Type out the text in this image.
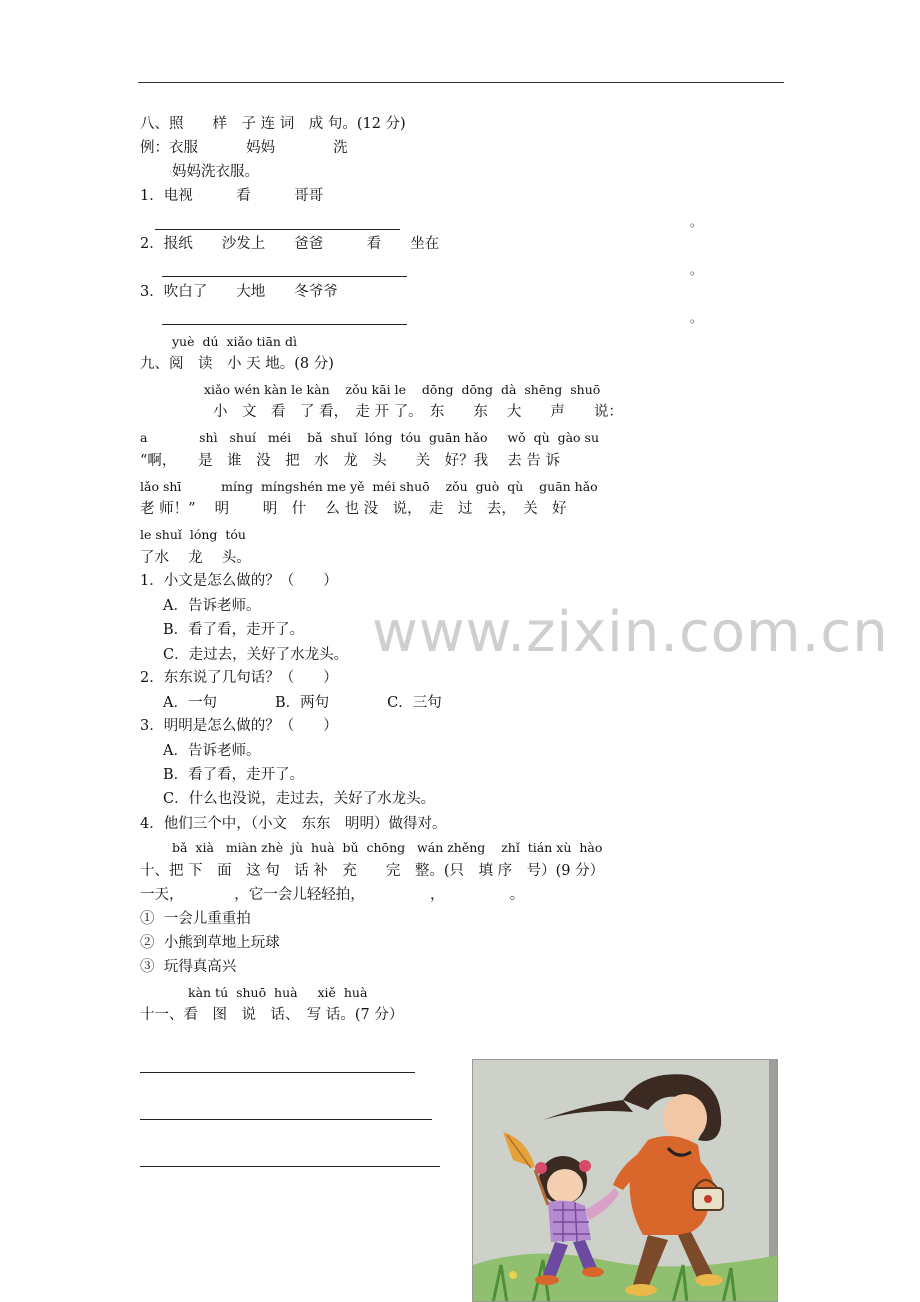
八、照　　样　子 连 词　成 句。(12 分)
例：衣服　　　 妈妈　　　　洗
妈妈洗衣服。
1．电视　　　看　　　哥哥
。
2．报纸　　沙发上　　爸爸　　　看　　坐在
。
3．吹白了　　大地　　冬爷爷
。
yuè  dú  xiǎo tiān dì
九、阅　读　小 天 地。(8 分)
xiǎo wén kàn le kàn    zǒu kāi le    dōng  dōng  dà  shēng  shuō
小　文　看　了 看，　走 开 了。　东　　东　 大　　声　　说：
a             shì   shuí   méi    bǎ  shuǐ  lóng  tóu  guān hǎo     wǒ  qù  gào su
“啊，　　是　谁　没　把　水　龙　头　　关　好？我　 去 告 诉
lǎo shī          míng  míngshén me yě  méi shuō    zǒu  guò  qù    guān hǎo
老 师！”　 明　　 明　什　 么 也 没　说，　走　过　去，　关　好
le shuǐ  lóng  tóu
了水　 龙　 头。
1．小文是怎么做的？（　　）
A．告诉老师。
B．看了看，走开了。
C．走过去，关好了水龙头。
2．东东说了几句话？（　　）
A．一句　　　　B．两句　　　　C．三句
3．明明是怎么做的？（　　）
A．告诉老师。
B．看了看，走开了。
C．什么也没说，走过去，关好了水龙头。
4．他们三个中，（小文　东东　明明）做得对。
bǎ  xià   miàn zhè  jù  huà  bǔ  chōng   wán zhěng    zhǐ  tián xù  hào
十、把 下　面　这 句　话 补　充　　完　整。(只　填 序　号）(9 分）
一天，　　　　，它一会儿轻轻拍，　　　　　，　　　　　。
①  一会儿重重拍
②  小熊到草地上玩球
③  玩得真高兴
kàn tú  shuō  huà     xiě  huà
十一、看　图　说　话、　写 话。(7 分）
www.zixin.com.cn
